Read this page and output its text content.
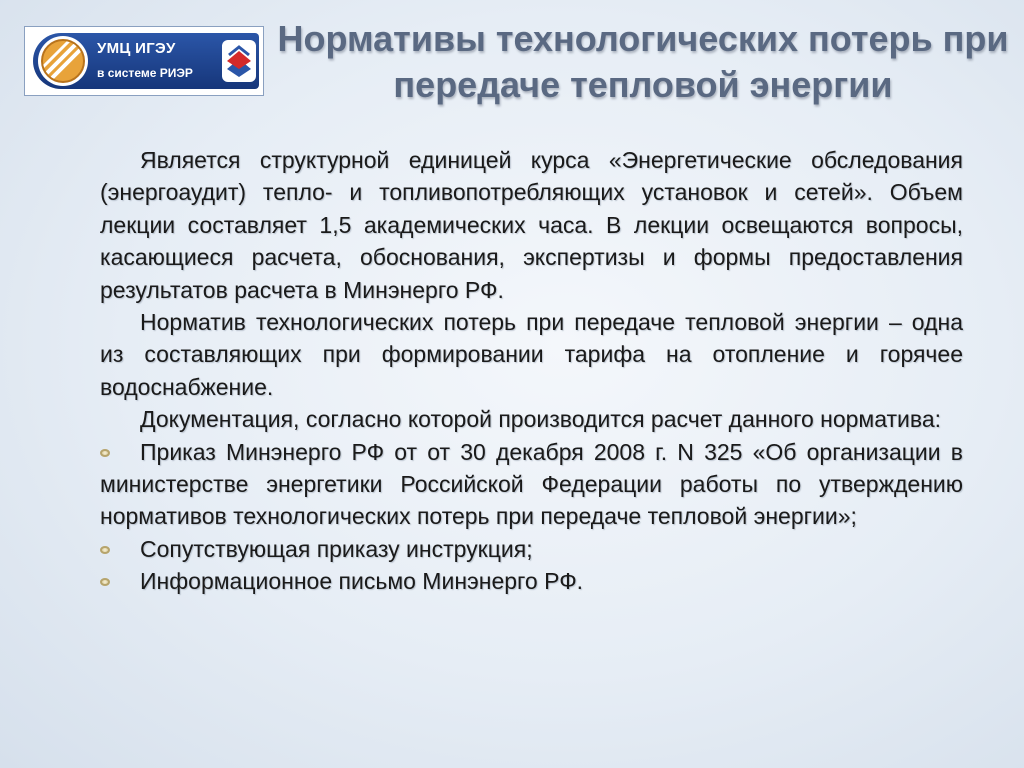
УМЦ ИГЭУ
в системе РИЭР
Нормативы технологических потерь при передаче тепловой энергии

Является структурной единицей курса «Энергетические обследования (энергоаудит) тепло- и топливопотребляющих установок и сетей». Объем лекции составляет 1,5 академических часа. В лекции освещаются вопросы, касающиеся расчета, обоснования, экспертизы и формы предоставления результатов расчета в Минэнерго РФ.

Норматив технологических потерь при передаче тепловой энергии – одна из составляющих при формировании тарифа на отопление и горячее водоснабжение.

Документация, согласно которой производится расчет данного норматива:

Приказ Минэнерго РФ от от 30 декабря 2008 г. N 325 «Об организации в министерстве энергетики Российской Федерации работы по утверждению нормативов технологических потерь при передаче тепловой энергии»;

Сопутствующая приказу инструкция;

Информационное письмо Минэнерго РФ.
